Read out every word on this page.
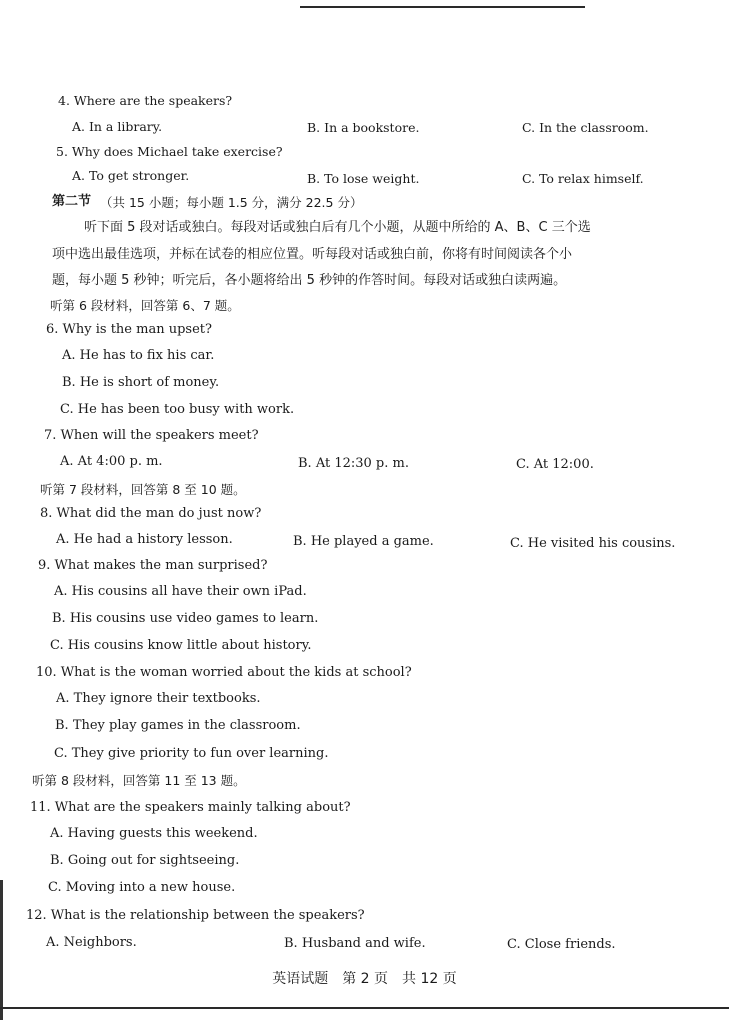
4. Where are the speakers?
A. In a library.	B. In a bookstore.	C. In the classroom.
5. Why does Michael take exercise?
A. To get stronger.	B. To lose weight.	C. To relax himself.
第二节 （共 15 小题；每小题 1.5 分，满分 22.5 分）

听下面 5 段对话或独白。每段对话或独白后有几个小题，从题中所给的 A、B、C 三个选

项中选出最佳选项，并标在试卷的相应位置。听每段对话或独白前，你将有时间阅读各个小

题，每小题 5 秒钟；听完后，各小题将给出 5 秒钟的作答时间。每段对话或独白读两遍。

听第 6 段材料，回答第 6、7 题。
6. Why is the man upset?
A. He has to fix his car.
B. He is short of money.
C. He has been too busy with work.
7. When will the speakers meet?
A. At 4:00 p. m.	B. At 12:30 p. m.	C. At 12:00.
听第 7 段材料，回答第 8 至 10 题。
8. What did the man do just now?
A. He had a history lesson.	B. He played a game.	C. He visited his cousins.
9. What makes the man surprised?
A. His cousins all have their own iPad.
B. His cousins use video games to learn.
C. His cousins know little about history.
10. What is the woman worried about the kids at school?
A. They ignore their textbooks.
B. They play games in the classroom.
C. They give priority to fun over learning.
听第 8 段材料，回答第 11 至 13 题。
11. What are the speakers mainly talking about?
A. Having guests this weekend.
B. Going out for sightseeing.
C. Moving into a new house.
12. What is the relationship between the speakers?
A. Neighbors.	B. Husband and wife.	C. Close friends.
英语试题　第 2 页　共 12 页
